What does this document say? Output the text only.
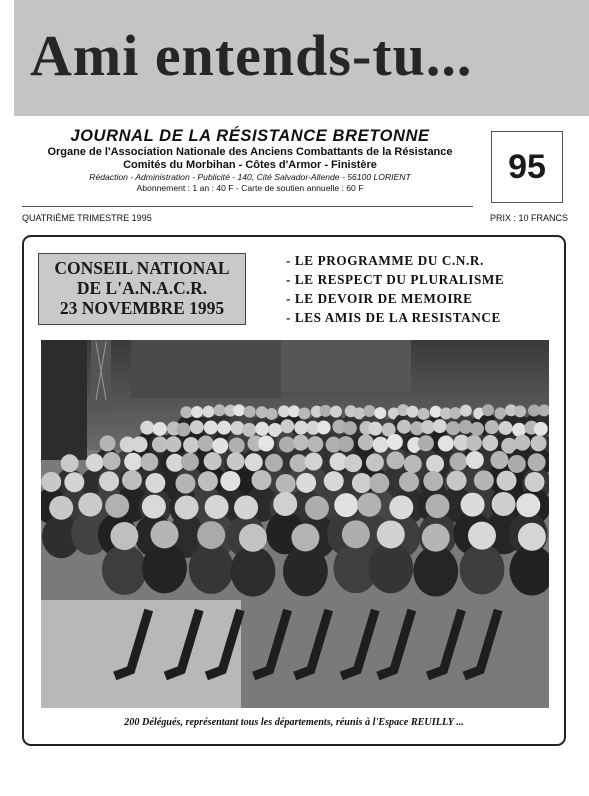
Ami entends-tu...
JOURNAL DE LA RÉSISTANCE BRETONNE
Organe de l'Association Nationale des Anciens Combattants de la Résistance
Comités du Morbihan - Côtes d'Armor - Finistère
Rédaction - Administration - Publicité - 140, Cité Salvador-Allende - 56100 LORIENT
Abonnement : 1 an : 40 F - Carte de soutien annuelle : 60 F
95
QUATRIÈME TRIMESTRE 1995	PRIX : 10 FRANCS
CONSEIL NATIONAL
DE L'A.N.A.C.R.
23 NOVEMBRE 1995
- LE PROGRAMME DU C.N.R.
- LE RESPECT DU PLURALISME
- LE DEVOIR DE MEMOIRE
- LES AMIS DE LA RESISTANCE
200 Délégués, représentant tous les départements, réunis à l'Espace REUILLY ...
